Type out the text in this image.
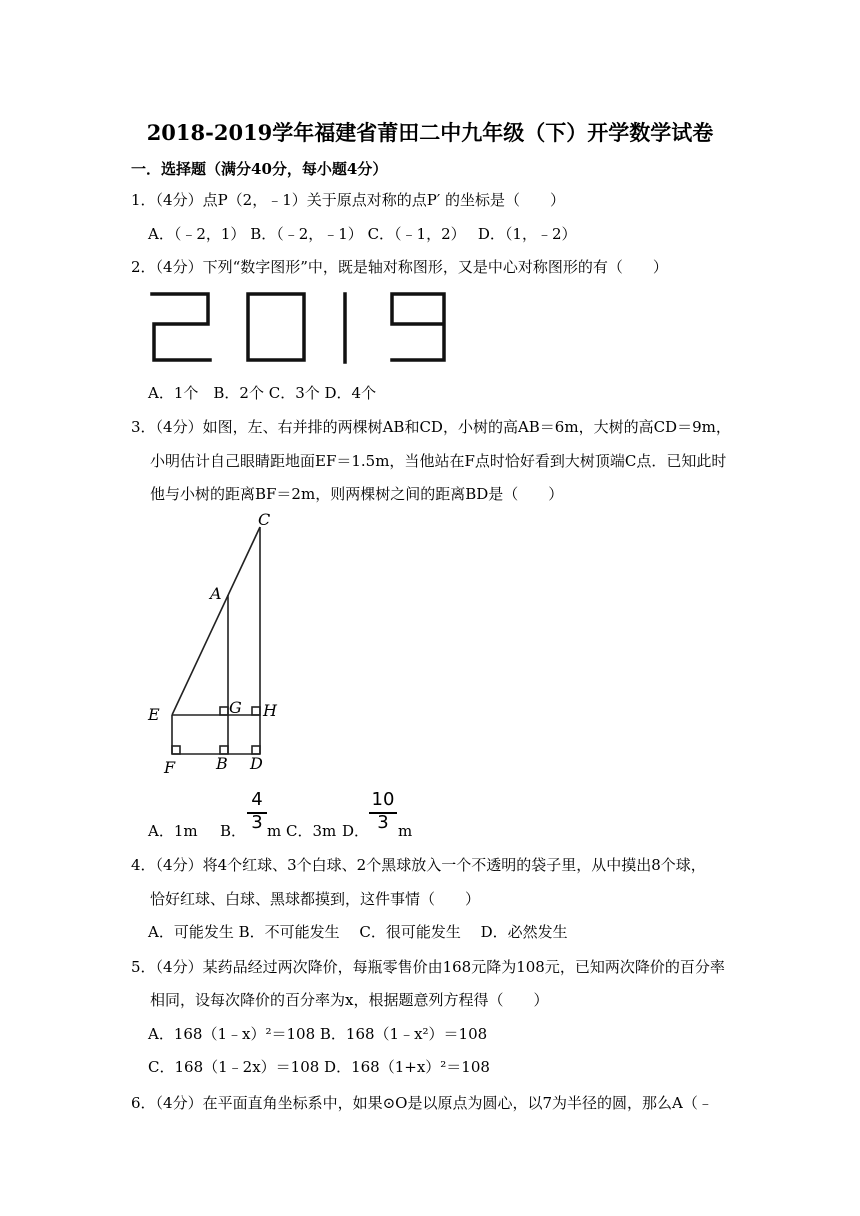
2018-2019学年福建省莆田二中九年级（下）开学数学试卷
一．选择题（满分40分，每小题4分）
1．（4分）点P（2，﹣1）关于原点对称的点P′ 的坐标是（　　）
A．（﹣2，1） B．（﹣2，﹣1） C．（﹣1，2）　 D．（1，﹣2）
2．（4分）下列“数字图形”中，既是轴对称图形，又是中心对称图形的有（　　）
A．1个　B．2个 C．3个 D．4个
3．（4分）如图，左、右并排的两棵树AB和CD，小树的高AB＝6m，大树的高CD＝9m，
小明估计自己眼睛距地面EF＝1.5m，当他站在F点时恰好看到大树顶端C点．已知此时
他与小树的距离BF＝2m，则两棵树之间的距离BD是（　　）
C
A
E	G H
F	B D
A．1m B．
4
3 m C．3m D．
10
3 m
4．（4分）将4个红球、3个白球、2个黑球放入一个不透明的袋子里，从中摸出8个球，
恰好红球、白球、黑球都摸到，这件事情（　　）
A．可能发生 B．不可能发生　 C．很可能发生　 D．必然发生
5．（4分）某药品经过两次降价，每瓶零售价由168元降为108元，已知两次降价的百分率
相同，设每次降价的百分率为x，根据题意列方程得（　　）
A．168（1﹣x）²＝108 B．168（1﹣x²）＝108
C．168（1﹣2x）＝108 D．168（1+x）²＝108
6．（4分）在平面直角坐标系中，如果⊙O是以原点为圆心，以7为半径的圆，那么A（﹣
